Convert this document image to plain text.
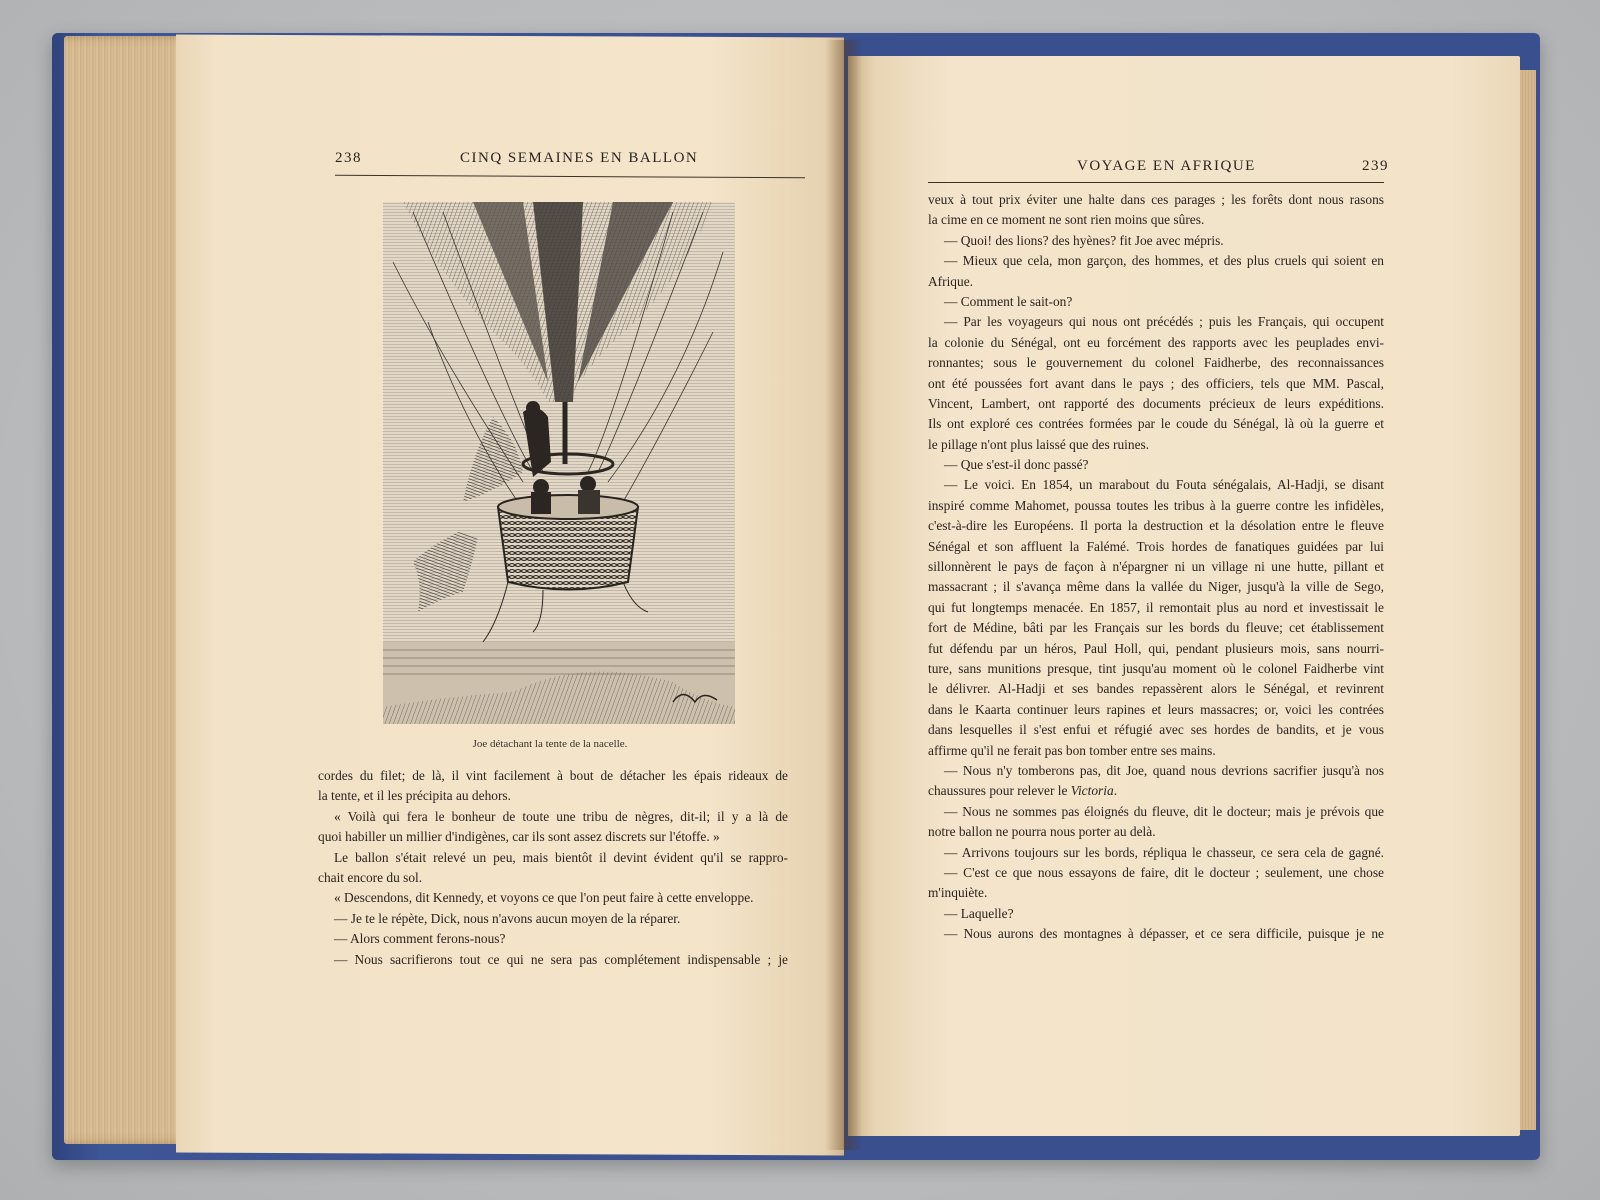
238	CINQ SEMAINES EN BALLON
Joe détachant la tente de la nacelle.
cordes du filet; de là, il vint facilement à bout de détacher les épais rideaux de
la tente, et il les précipita au dehors.
« Voilà qui fera le bonheur de toute une tribu de nègres, dit-il; il y a là de
quoi habiller un millier d'indigènes, car ils sont assez discrets sur l'étoffe. »
Le ballon s'était relevé un peu, mais bientôt il devint évident qu'il se rappro-
chait encore du sol.
« Descendons, dit Kennedy, et voyons ce que l'on peut faire à cette enveloppe.
— Je te le répète, Dick, nous n'avons aucun moyen de la réparer.
— Alors comment ferons-nous?
— Nous sacrifierons tout ce qui ne sera pas complétement indispensable ; je
VOYAGE EN AFRIQUE	239
veux à tout prix éviter une halte dans ces parages ; les forêts dont nous rasons
la cime en ce moment ne sont rien moins que sûres.
— Quoi! des lions? des hyènes? fit Joe avec mépris.
— Mieux que cela, mon garçon, des hommes, et des plus cruels qui soient en
Afrique.
— Comment le sait-on?
— Par les voyageurs qui nous ont précédés ; puis les Français, qui occupent
la colonie du Sénégal, ont eu forcément des rapports avec les peuplades envi-
ronnantes; sous le gouvernement du colonel Faidherbe, des reconnaissances
ont été poussées fort avant dans le pays ; des officiers, tels que MM. Pascal,
Vincent, Lambert, ont rapporté des documents précieux de leurs expéditions.
Ils ont exploré ces contrées formées par le coude du Sénégal, là où la guerre et
le pillage n'ont plus laissé que des ruines.
— Que s'est-il donc passé?
— Le voici. En 1854, un marabout du Fouta sénégalais, Al-Hadji, se disant
inspiré comme Mahomet, poussa toutes les tribus à la guerre contre les infidèles,
c'est-à-dire les Européens. Il porta la destruction et la désolation entre le fleuve
Sénégal et son affluent la Falémé. Trois hordes de fanatiques guidées par lui
sillonnèrent le pays de façon à n'épargner ni un village ni une hutte, pillant et
massacrant ; il s'avança même dans la vallée du Niger, jusqu'à la ville de Sego,
qui fut longtemps menacée. En 1857, il remontait plus au nord et investissait le
fort de Médine, bâti par les Français sur les bords du fleuve; cet établissement
fut défendu par un héros, Paul Holl, qui, pendant plusieurs mois, sans nourri-
ture, sans munitions presque, tint jusqu'au moment où le colonel Faidherbe vint
le délivrer. Al-Hadji et ses bandes repassèrent alors le Sénégal, et revinrent
dans le Kaarta continuer leurs rapines et leurs massacres; or, voici les contrées
dans lesquelles il s'est enfui et réfugié avec ses hordes de bandits, et je vous
affirme qu'il ne ferait pas bon tomber entre ses mains.
— Nous n'y tomberons pas, dit Joe, quand nous devrions sacrifier jusqu'à nos
chaussures pour relever le Victoria.
— Nous ne sommes pas éloignés du fleuve, dit le docteur; mais je prévois que
notre ballon ne pourra nous porter au delà.
— Arrivons toujours sur les bords, répliqua le chasseur, ce sera cela de gagné.
— C'est ce que nous essayons de faire, dit le docteur ; seulement, une chose
m'inquiète.
— Laquelle?
— Nous aurons des montagnes à dépasser, et ce sera difficile, puisque je ne
